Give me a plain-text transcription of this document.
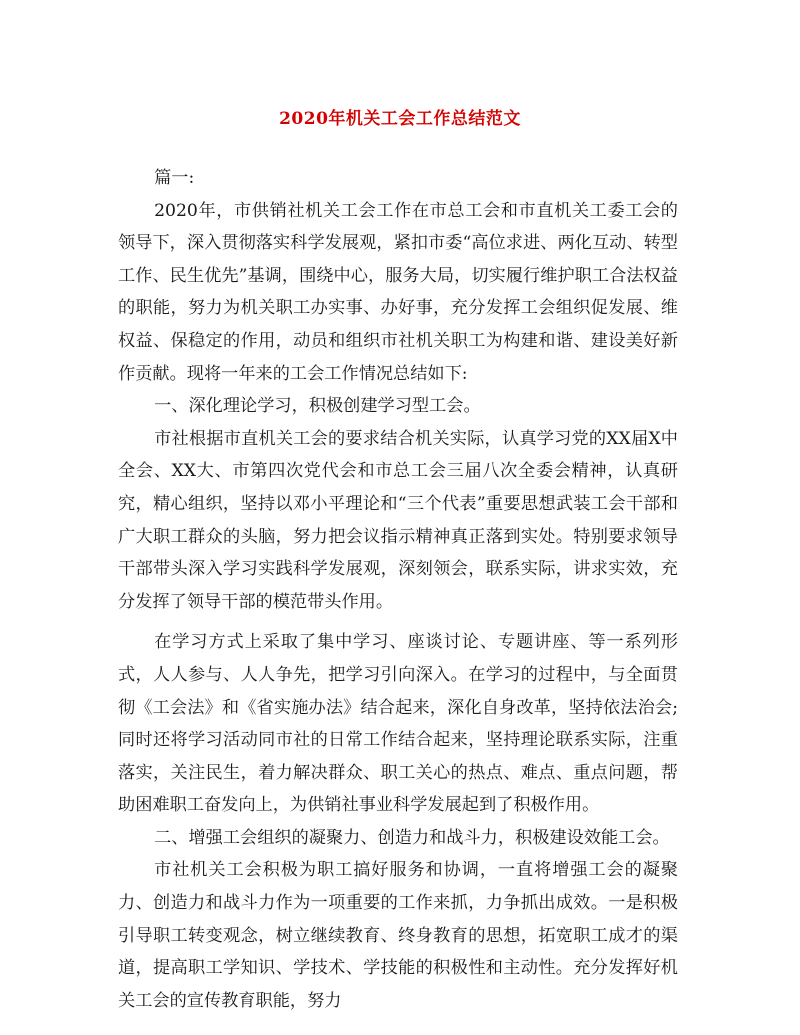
2020年机关工会工作总结范文

篇一:

2020年，市供销社机关工会工作在市总工会和市直机关工委工会的领导下，深入贯彻落实科学发展观，紧扣市委“高位求进、两化互动、转型工作、民生优先”基调，围绕中心，服务大局，切实履行维护职工合法权益的职能，努力为机关职工办实事、办好事，充分发挥工会组织促发展、维权益、保稳定的作用，动员和组织市社机关职工为构建和谐、建设美好新作贡献。现将一年来的工会工作情况总结如下:

一、深化理论学习，积极创建学习型工会。

市社根据市直机关工会的要求结合机关实际，认真学习党的XX届X中全会、XX大、市第四次党代会和市总工会三届八次全委会精神，认真研究，精心组织，坚持以邓小平理论和“三个代表”重要思想武装工会干部和广大职工群众的头脑，努力把会议指示精神真正落到实处。特别要求领导干部带头深入学习实践科学发展观，深刻领会，联系实际，讲求实效，充分发挥了领导干部的模范带头作用。

在学习方式上采取了集中学习、座谈讨论、专题讲座、等一系列形式，人人参与、人人争先，把学习引向深入。在学习的过程中，与全面贯彻《工会法》和《省实施办法》结合起来，深化自身改革，坚持依法治会;同时还将学习活动同市社的日常工作结合起来，坚持理论联系实际，注重落实，关注民生，着力解决群众、职工关心的热点、难点、重点问题，帮助困难职工奋发向上，为供销社事业科学发展起到了积极作用。

二、增强工会组织的凝聚力、创造力和战斗力，积极建设效能工会。

市社机关工会积极为职工搞好服务和协调，一直将增强工会的凝聚力、创造力和战斗力作为一项重要的工作来抓，力争抓出成效。一是积极引导职工转变观念，树立继续教育、终身教育的思想，拓宽职工成才的渠道，提高职工学知识、学技术、学技能的积极性和主动性。充分发挥好机关工会的宣传教育职能，努力
